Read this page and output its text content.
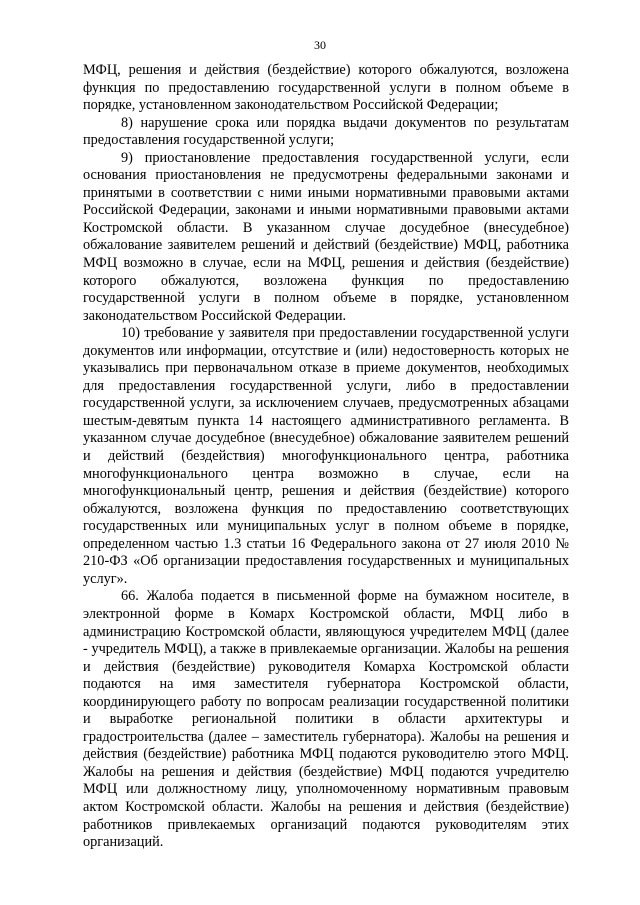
30

МФЦ, решения и действия (бездействие) которого обжалуются, возложена функция по предоставлению государственной услуги в полном объеме в порядке, установленном законодательством Российской Федерации;

8) нарушение срока или порядка выдачи документов по результатам предоставления государственной услуги;

9) приостановление предоставления государственной услуги, если основания приостановления не предусмотрены федеральными законами и принятыми в соответствии с ними иными нормативными правовыми актами Российской Федерации, законами и иными нормативными правовыми актами Костромской области. В указанном случае досудебное (внесудебное) обжалование заявителем решений и действий (бездействие) МФЦ, работника МФЦ возможно в случае, если на МФЦ, решения и действия (бездействие) которого обжалуются, возложена функция по предоставлению государственной услуги в полном объеме в порядке, установленном законодательством Российской Федерации.

10) требование у заявителя при предоставлении государственной услуги документов или информации, отсутствие и (или) недостоверность которых не указывались при первоначальном отказе в приеме документов, необходимых для предоставления государственной услуги, либо в предоставлении государственной услуги, за исключением случаев, предусмотренных абзацами шестым-девятым пункта 14 настоящего административного регламента. В указанном случае досудебное (внесудебное) обжалование заявителем решений и действий (бездействия) многофункционального центра, работника многофункционального центра возможно в случае, если на многофункциональный центр, решения и действия (бездействие) которого обжалуются, возложена функция по предоставлению соответствующих государственных или муниципальных услуг в полном объеме в порядке, определенном частью 1.3 статьи 16 Федерального закона от 27 июля 2010 № 210-ФЗ «Об организации предоставления государственных и муниципальных услуг».

66. Жалоба подается в письменной форме на бумажном носителе, в электронной форме в Комарх Костромской области, МФЦ либо в администрацию Костромской области, являющуюся учредителем МФЦ (далее - учредитель МФЦ), а также в привлекаемые организации. Жалобы на решения и действия (бездействие) руководителя Комарха Костромской области подаются на имя заместителя губернатора Костромской области, координирующего работу по вопросам реализации государственной политики и выработке региональной политики в области архитектуры и градостроительства (далее – заместитель губернатора). Жалобы на решения и действия (бездействие) работника МФЦ подаются руководителю этого МФЦ. Жалобы на решения и действия (бездействие) МФЦ подаются учредителю МФЦ или должностному лицу, уполномоченному нормативным правовым актом Костромской области. Жалобы на решения и действия (бездействие) работников привлекаемых организаций подаются руководителям этих организаций.
